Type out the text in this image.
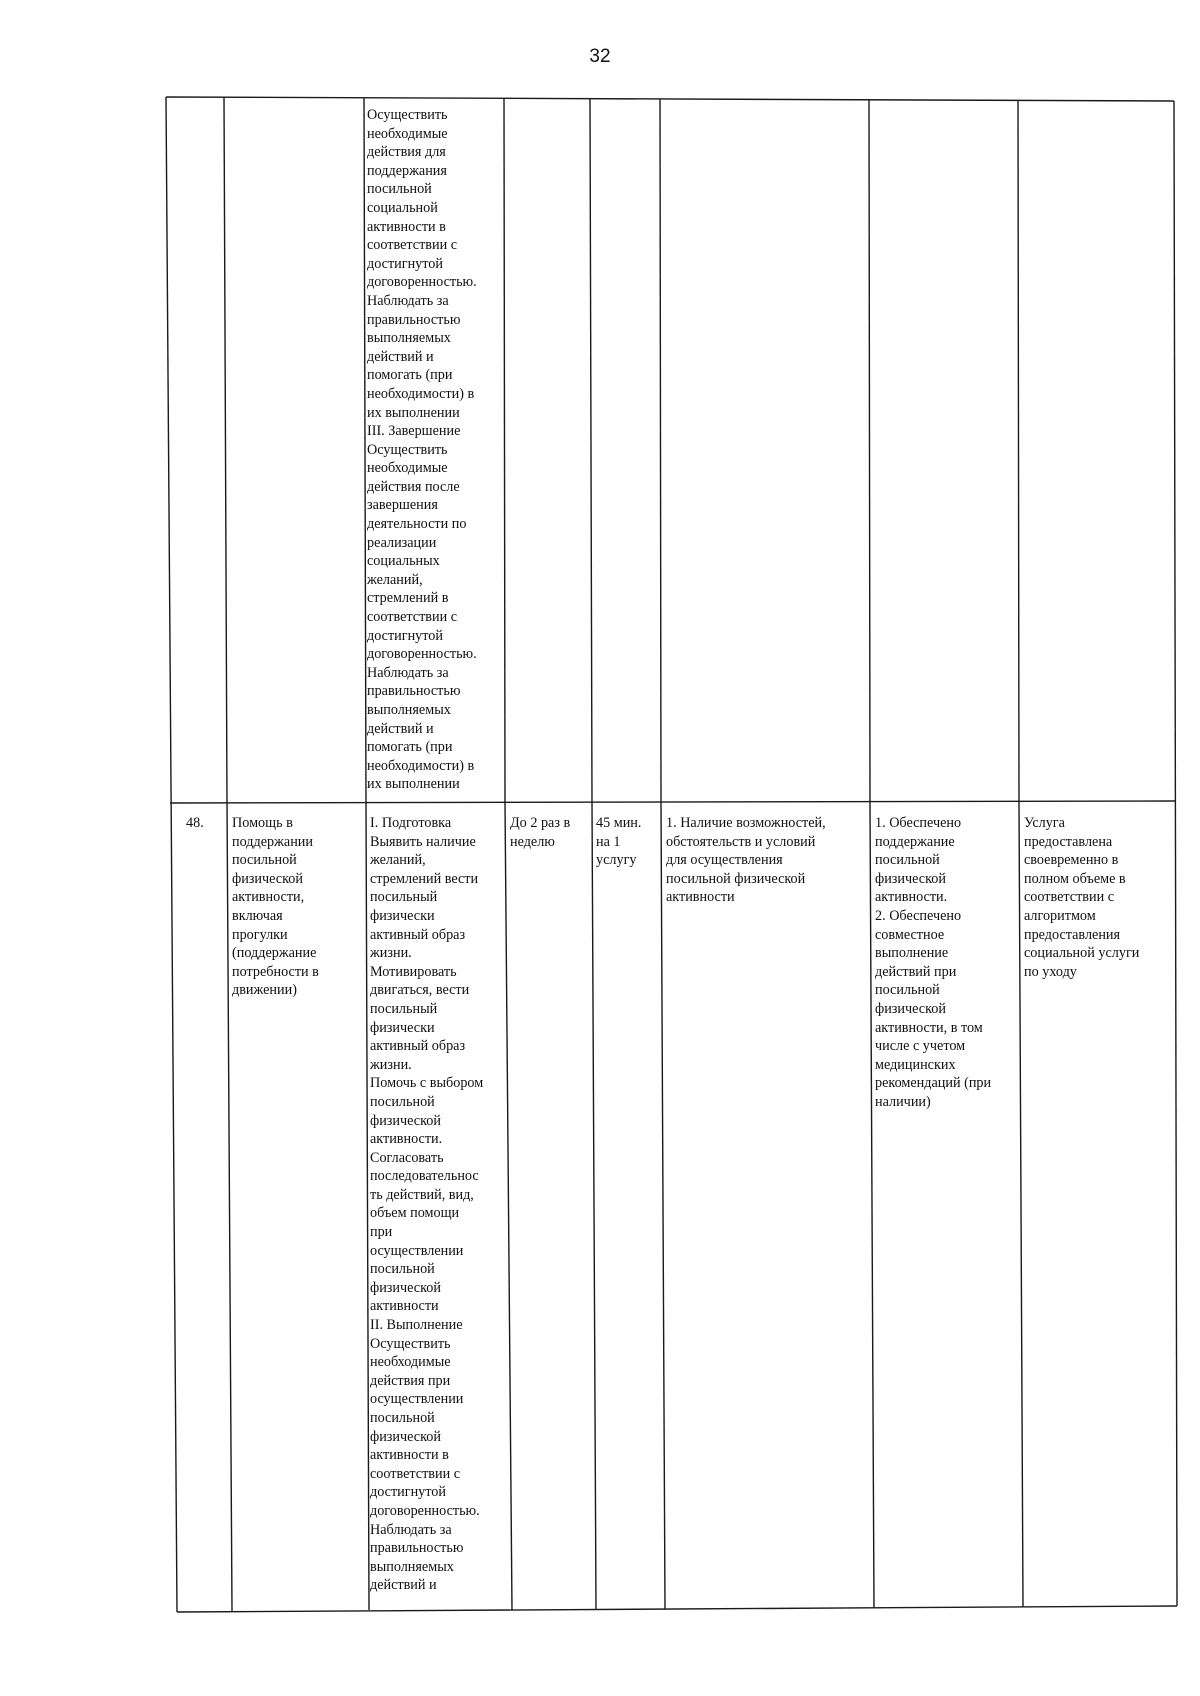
32
Осуществить
необходимые
действия для
поддержания
посильной
социальной
активности в
соответствии с
достигнутой
договоренностью.
Наблюдать за
правильностью
выполняемых
действий и
помогать (при
необходимости) в
их выполнении
III. Завершение
Осуществить
необходимые
действия после
завершения
деятельности по
реализации
социальных
желаний,
стремлений в
соответствии с
достигнутой
договоренностью.
Наблюдать за
правильностью
выполняемых
действий и
помогать (при
необходимости) в
их выполнении
48.	Помощь в
поддержании
посильной
физической
активности,
включая
прогулки
(поддержание
потребности в
движении)
I. Подготовка
Выявить наличие
желаний,
стремлений вести
посильный
физически
активный образ
жизни.
Мотивировать
двигаться, вести
посильный
физически
активный образ
жизни.
Помочь с выбором
посильной
физической
активности.
Согласовать
последовательнос
ть действий, вид,
объем помощи
при
осуществлении
посильной
физической
активности
II. Выполнение
Осуществить
необходимые
действия при
осуществлении
посильной
физической
активности в
соответствии с
достигнутой
договоренностью.
Наблюдать за
правильностью
выполняемых
действий и
До 2 раз в
неделю
45 мин.
на 1
услугу
1. Наличие возможностей,
обстоятельств и условий
для осуществления
посильной физической
активности
1. Обеспечено
поддержание
посильной
физической
активности.
2. Обеспечено
совместное
выполнение
действий при
посильной
физической
активности, в том
числе с учетом
медицинских
рекомендаций (при
наличии)
Услуга
предоставлена
своевременно в
полном объеме в
соответствии с
алгоритмом
предоставления
социальной услуги
по уходу
